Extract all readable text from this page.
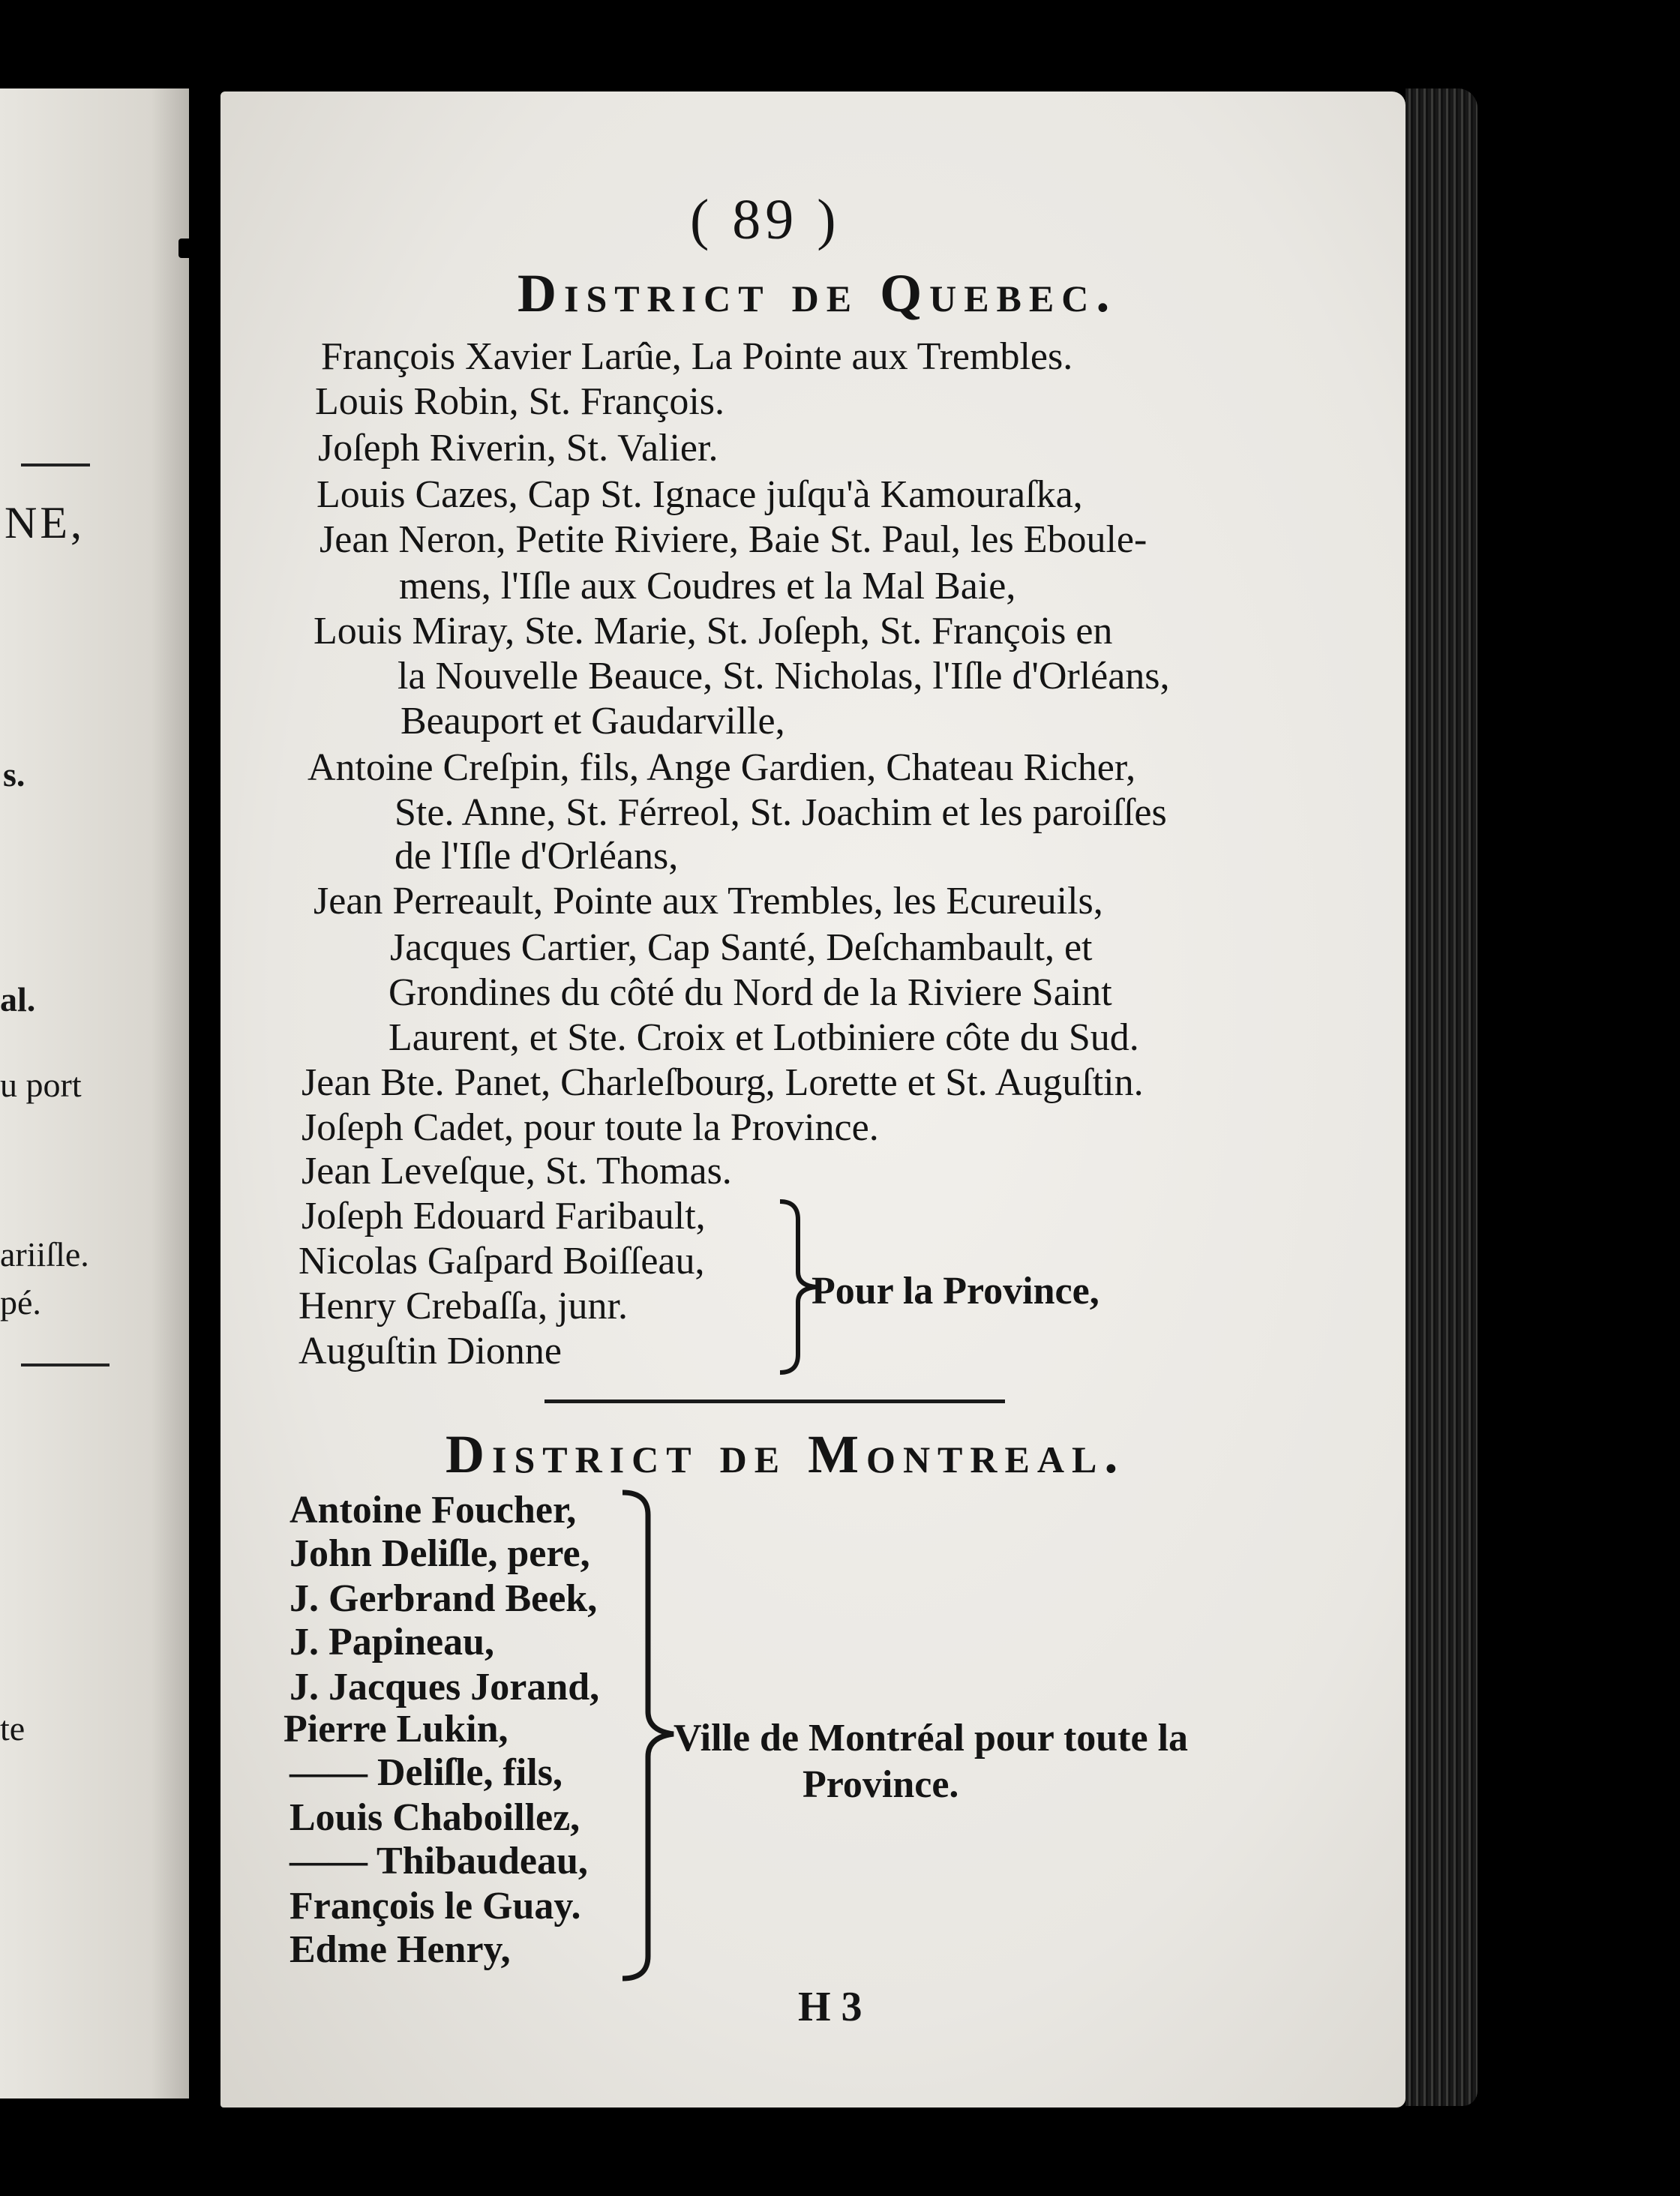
NE,
s.
al.
u port
ariiſle.
pé.
te
( 89 )
District de Quebec.
François Xavier Larûe, La Pointe aux Trembles.
Louis Robin, St. François.
Joſeph Riverin, St. Valier.
Louis Cazes, Cap St. Ignace juſqu'à Kamouraſka,
Jean Neron, Petite Riviere, Baie St. Paul, les Eboule-
mens, l'Iſle aux Coudres et la Mal Baie,
Louis Miray, Ste. Marie, St. Joſeph, St. François en
la Nouvelle Beauce, St. Nicholas, l'Iſle d'Orléans,
Beauport et Gaudarville,
Antoine Creſpin, fils, Ange Gardien, Chateau Richer,
Ste. Anne, St. Férreol, St. Joachim et les paroiſſes
de l'Iſle d'Orléans,
Jean Perreault, Pointe aux Trembles, les Ecureuils,
Jacques Cartier, Cap Santé, Deſchambault, et
Grondines du côté du Nord de la Riviere Saint
Laurent, et Ste. Croix et Lotbiniere côte du Sud.
Jean Bte. Panet, Charleſbourg, Lorette et St. Auguſtin.
Joſeph Cadet, pour toute la Province.
Jean Leveſque, St. Thomas.
Joſeph Edouard Faribault,
Nicolas Gaſpard Boiſſeau,
Henry Crebaſſa, junr.
Auguſtin Dionne
Pour la Province,
District de Montreal.
Antoine Foucher,
John Deliſle, pere,
J. Gerbrand Beek,
J. Papineau,
J. Jacques Jorand,
Pierre Lukin,
—— Deliſle, fils,
Louis Chaboillez,
—— Thibaudeau,
François le Guay.
Edme Henry,
Ville de Montréal pour toute la
Province.
H 3
